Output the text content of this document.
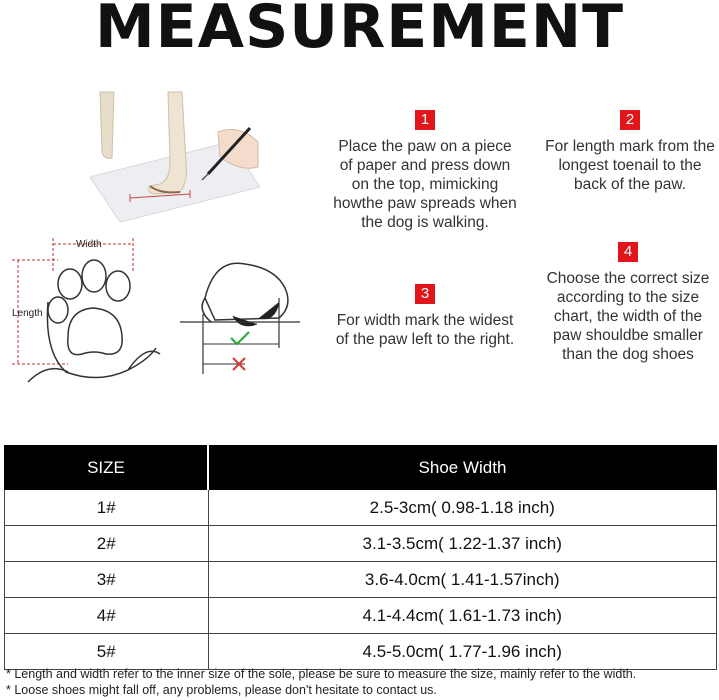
MEASUREMENT
Width
Length
1
Place the paw on a piece of paper and press down on the top, mimicking howthe paw spreads when the dog is walking.
2
For length mark from the longest toenail to the back of the paw.
3
For width mark the widest of the paw left to the right.
4
Choose the correct size according to the size chart, the width of the paw shouldbe smaller than the dog shoes
SIZE	Shoe Width
1#	2.5-3cm( 0.98-1.18 inch)
2#	3.1-3.5cm( 1.22-1.37 inch)
3#	3.6-4.0cm( 1.41-1.57inch)
4#	4.1-4.4cm( 1.61-1.73 inch)
5#	4.5-5.0cm( 1.77-1.96 inch)
* Length and width refer to the inner size of the sole, please be sure to measure the size, mainly refer to the width.
* Loose shoes might fall off, any problems, please don't hesitate to contact us.
